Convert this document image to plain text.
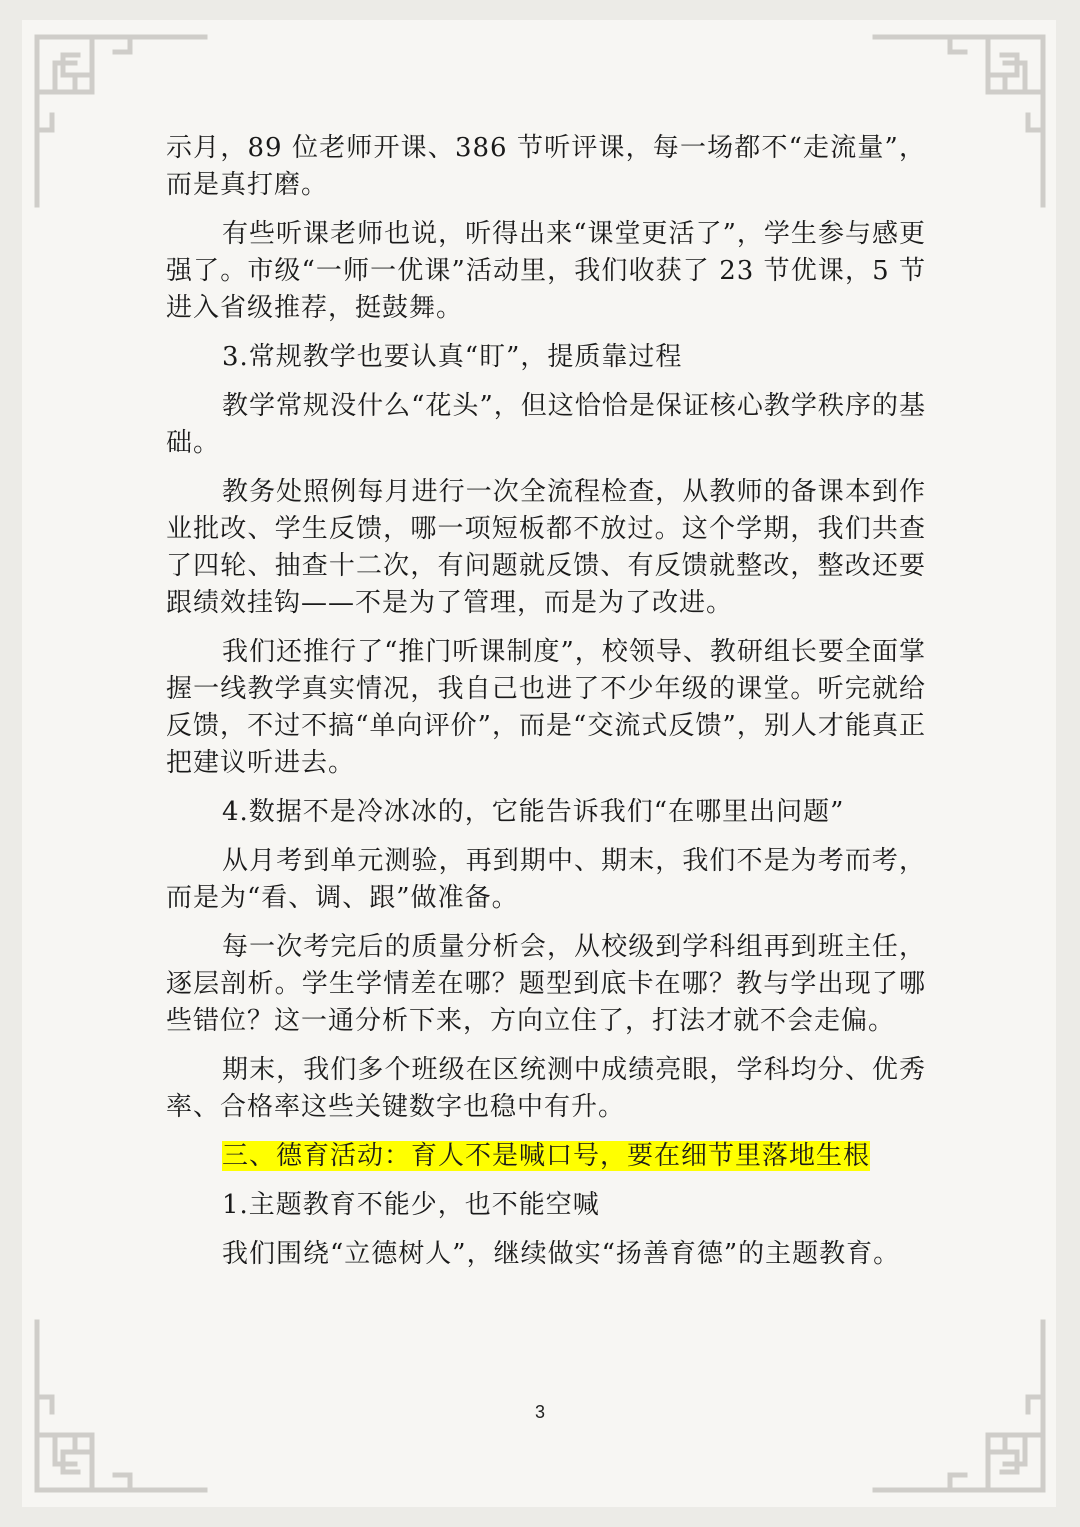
示月，89 位老师开课、386 节听评课，每一场都不“走流量”，而是真打磨。

有些听课老师也说，听得出来“课堂更活了”，学生参与感更强了。市级“一师一优课”活动里，我们收获了 23 节优课，5 节进入省级推荐，挺鼓舞。

3.常规教学也要认真“盯”，提质靠过程

教学常规没什么“花头”，但这恰恰是保证核心教学秩序的基础。

教务处照例每月进行一次全流程检查，从教师的备课本到作业批改、学生反馈，哪一项短板都不放过。这个学期，我们共查了四轮、抽查十二次，有问题就反馈、有反馈就整改，整改还要跟绩效挂钩——不是为了管理，而是为了改进。

我们还推行了“推门听课制度”，校领导、教研组长要全面掌握一线教学真实情况，我自己也进了不少年级的课堂。听完就给反馈，不过不搞“单向评价”，而是“交流式反馈”，别人才能真正把建议听进去。

4.数据不是冷冰冰的，它能告诉我们“在哪里出问题”

从月考到单元测验，再到期中、期末，我们不是为考而考，而是为“看、调、跟”做准备。

每一次考完后的质量分析会，从校级到学科组再到班主任，逐层剖析。学生学情差在哪？题型到底卡在哪？教与学出现了哪些错位？这一通分析下来，方向立住了，打法才就不会走偏。

期末，我们多个班级在区统测中成绩亮眼，学科均分、优秀率、合格率这些关键数字也稳中有升。

三、德育活动：育人不是喊口号，要在细节里落地生根

1.主题教育不能少，也不能空喊

我们围绕“立德树人”，继续做实“扬善育德”的主题教育。

3
